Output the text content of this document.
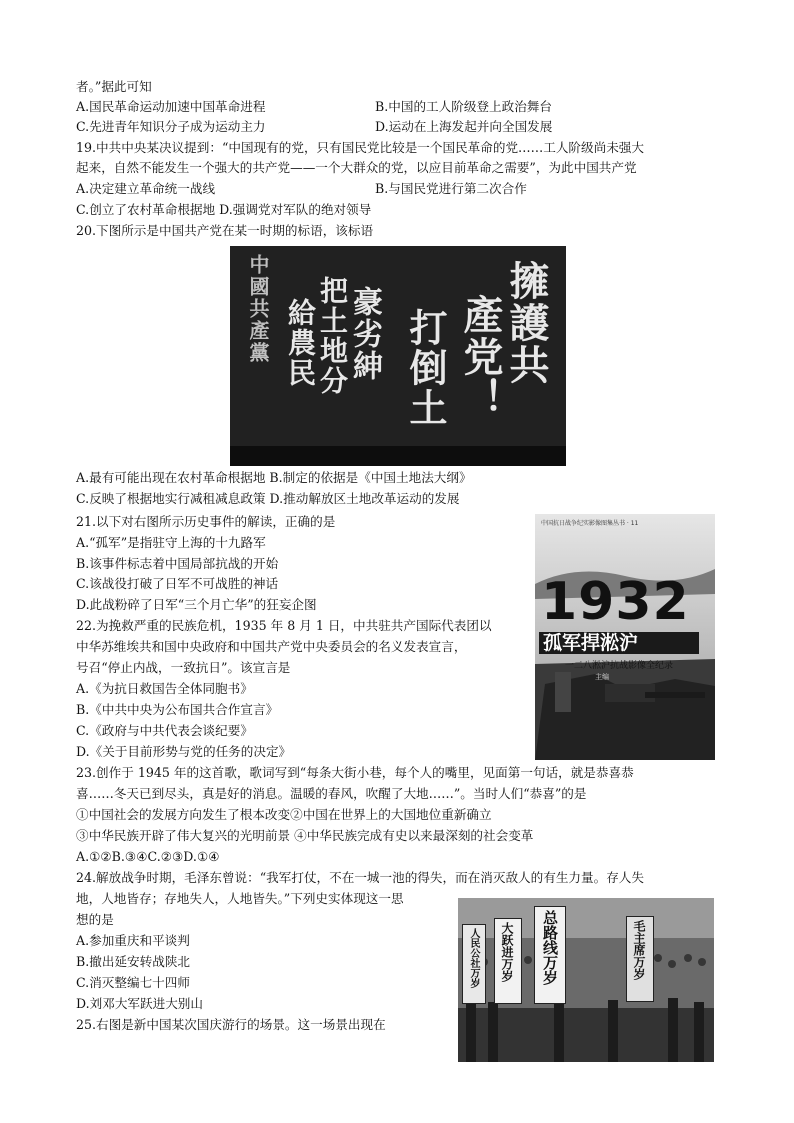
者。”据此可知
A.国民革命运动加速中国革命进程	B.中国的工人阶级登上政治舞台
C.先进青年知识分子成为运动主力	D.运动在上海发起并向全国发展
19.中共中央某决议提到：“中国现有的党，只有国民党比较是一个国民革命的党……工人阶级尚未强大
起来，自然不能发生一个强大的共产党——一个大群众的党，以应目前革命之需要”，为此中国共产党
A.决定建立革命统一战线	B.与国民党进行第二次合作
C.创立了农村革命根据地 D.强调党对军队的绝对领导
20.下图所示是中国共产党在某一时期的标语，该标语
擁護共
產党！
打倒土
豪劣紳
把土地分
給農民
中國共產黨
A.最有可能出现在农村革命根据地 B.制定的依据是《中国土地法大纲》
C.反映了根据地实行减租减息政策 D.推动解放区土地改革运动的发展
21.以下对右图所示历史事件的解读，正确的是
A.“孤军”是指驻守上海的十九路军
B.该事件标志着中国局部抗战的开始
C.该战役打破了日军不可战胜的神话
D.此战粉碎了日军“三个月亡华”的狂妄企图
中国抗日战争纪实影像图集丛书 · 11
1932
孤军捍淞沪
一二八淞沪抗战影像全纪录
主编
22.为挽救严重的民族危机，1935 年 8 月 1 日，中共驻共产国际代表团以
中华苏维埃共和国中央政府和中国共产党中央委员会的名义发表宣言，
号召“停止内战，一致抗日”。该宣言是
A.《为抗日救国告全体同胞书》
B.《中共中央为公布国共合作宣言》
C.《政府与中共代表会谈纪要》
D.《关于目前形势与党的任务的决定》
23.创作于 1945 年的这首歌，歌词写到“每条大街小巷，每个人的嘴里，见面第一句话，就是恭喜恭
喜……冬天已到尽头，真是好的消息。温暖的春风，吹醒了大地……”。当时人们“恭喜”的是
①中国社会的发展方向发生了根本改变②中国在世界上的大国地位重新确立
③中华民族开辟了伟大复兴的光明前景 ④中华民族完成有史以来最深刻的社会变革
A.①②B.③④C.②③D.①④
24.解放战争时期，毛泽东曾说：“我军打仗，不在一城一池的得失，而在消灭敌人的有生力量。存人失
地，人地皆存；存地失人，人地皆失。”下列史实体现这一思
想的是
A.参加重庆和平谈判
B.撤出延安转战陕北
C.消灭整编七十四师
D.刘邓大军跃进大别山
25.右图是新中国某次国庆游行的场景。这一场景出现在
总路线万岁
大跃进万岁
人民公社万岁	毛主席万岁
